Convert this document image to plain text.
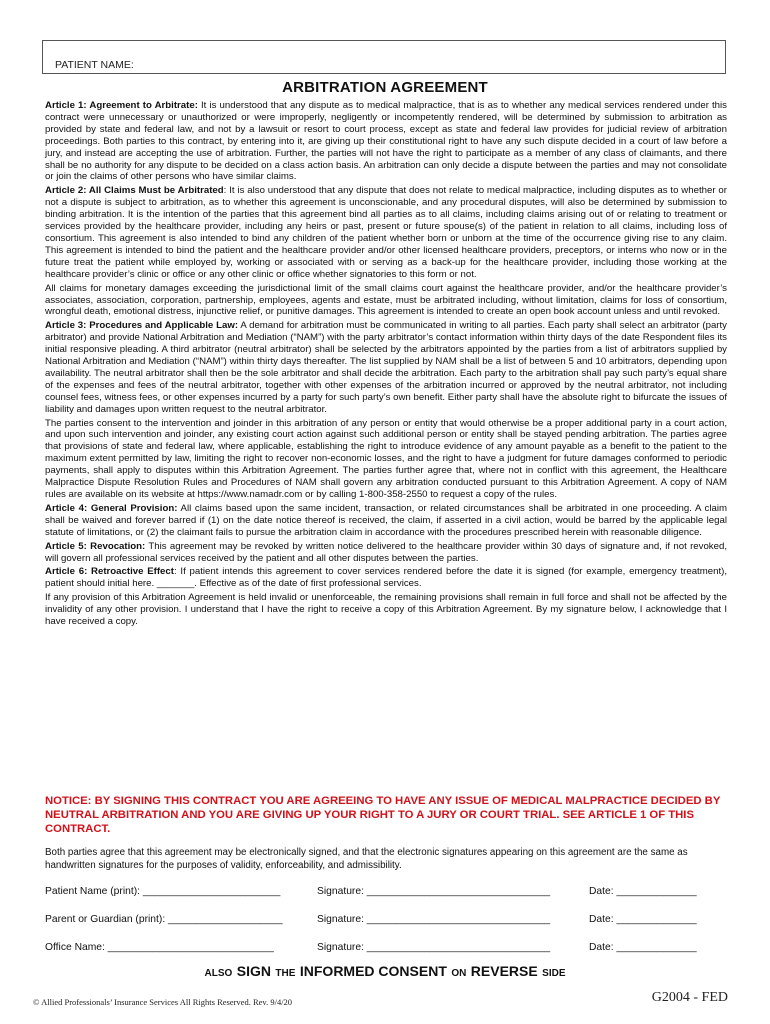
PATIENT NAME:
ARBITRATION AGREEMENT

Article 1: Agreement to Arbitrate: It is understood that any dispute as to medical malpractice, that is as to whether any medical services rendered under this contract were unnecessary or unauthorized or were improperly, negligently or incompetently rendered, will be determined by submission to arbitration as provided by state and federal law, and not by a lawsuit or resort to court process, except as state and federal law provides for judicial review of arbitration proceedings. Both parties to this contract, by entering into it, are giving up their constitutional right to have any such dispute decided in a court of law before a jury, and instead are accepting the use of arbitration. Further, the parties will not have the right to participate as a member of any class of claimants, and there shall be no authority for any dispute to be decided on a class action basis. An arbitration can only decide a dispute between the parties and may not consolidate or join the claims of other persons who have similar claims.

Article 2: All Claims Must be Arbitrated: It is also understood that any dispute that does not relate to medical malpractice, including disputes as to whether or not a dispute is subject to arbitration, as to whether this agreement is unconscionable, and any procedural disputes, will also be determined by submission to binding arbitration. It is the intention of the parties that this agreement bind all parties as to all claims, including claims arising out of or relating to treatment or services provided by the healthcare provider, including any heirs or past, present or future spouse(s) of the patient in relation to all claims, including loss of consortium. This agreement is also intended to bind any children of the patient whether born or unborn at the time of the occurrence giving rise to any claim. This agreement is intended to bind the patient and the healthcare provider and/or other licensed healthcare providers, preceptors, or interns who now or in the future treat the patient while employed by, working or associated with or serving as a back-up for the healthcare provider, including those working at the healthcare provider’s clinic or office or any other clinic or office whether signatories to this form or not.

All claims for monetary damages exceeding the jurisdictional limit of the small claims court against the healthcare provider, and/or the healthcare provider’s associates, association, corporation, partnership, employees, agents and estate, must be arbitrated including, without limitation, claims for loss of consortium, wrongful death, emotional distress, injunctive relief, or punitive damages. This agreement is intended to create an open book account unless and until revoked.

Article 3: Procedures and Applicable Law: A demand for arbitration must be communicated in writing to all parties. Each party shall select an arbitrator (party arbitrator) and provide National Arbitration and Mediation (“NAM”) with the party arbitrator’s contact information within thirty days of the date Respondent files its initial responsive pleading. A third arbitrator (neutral arbitrator) shall be selected by the arbitrators appointed by the parties from a list of arbitrators supplied by National Arbitration and Mediation (“NAM”) within thirty days thereafter. The list supplied by NAM shall be a list of between 5 and 10 arbitrators, depending upon availability. The neutral arbitrator shall then be the sole arbitrator and shall decide the arbitration. Each party to the arbitration shall pay such party’s equal share of the expenses and fees of the neutral arbitrator, together with other expenses of the arbitration incurred or approved by the neutral arbitrator, not including counsel fees, witness fees, or other expenses incurred by a party for such party’s own benefit. Either party shall have the absolute right to bifurcate the issues of liability and damages upon written request to the neutral arbitrator.

The parties consent to the intervention and joinder in this arbitration of any person or entity that would otherwise be a proper additional party in a court action, and upon such intervention and joinder, any existing court action against such additional person or entity shall be stayed pending arbitration. The parties agree that provisions of state and federal law, where applicable, establishing the right to introduce evidence of any amount payable as a benefit to the patient to the maximum extent permitted by law, limiting the right to recover non-economic losses, and the right to have a judgment for future damages conformed to periodic payments, shall apply to disputes within this Arbitration Agreement. The parties further agree that, where not in conflict with this agreement, the Healthcare Malpractice Dispute Resolution Rules and Procedures of NAM shall govern any arbitration conducted pursuant to this Arbitration Agreement. A copy of NAM rules are available on its website at https://www.namadr.com or by calling 1-800-358-2550 to request a copy of the rules.

Article 4: General Provision: All claims based upon the same incident, transaction, or related circumstances shall be arbitrated in one proceeding. A claim shall be waived and forever barred if (1) on the date notice thereof is received, the claim, if asserted in a civil action, would be barred by the applicable legal statute of limitations, or (2) the claimant fails to pursue the arbitration claim in accordance with the procedures prescribed herein with reasonable diligence.

Article 5: Revocation: This agreement may be revoked by written notice delivered to the healthcare provider within 30 days of signature and, if not revoked, will govern all professional services received by the patient and all other disputes between the parties.

Article 6: Retroactive Effect: If patient intends this agreement to cover services rendered before the date it is signed (for example, emergency treatment), patient should initial here. _______. Effective as of the date of first professional services.

If any provision of this Arbitration Agreement is held invalid or unenforceable, the remaining provisions shall remain in full force and shall not be affected by the invalidity of any other provision. I understand that I have the right to receive a copy of this Arbitration Agreement. By my signature below, I acknowledge that I have received a copy.

NOTICE: BY SIGNING THIS CONTRACT YOU ARE AGREEING TO HAVE ANY ISSUE OF MEDICAL MALPRACTICE DECIDED BY NEUTRAL ARBITRATION AND YOU ARE GIVING UP YOUR RIGHT TO A JURY OR COURT TRIAL. SEE ARTICLE 1 OF THIS CONTRACT.
Both parties agree that this agreement may be electronically signed, and that the electronic signatures appearing on this agreement are the same as handwritten signatures for the purposes of validity, enforceability, and admissibility.
Patient Name (print): ________________________	Signature: ________________________________	Date: ______________
Parent or Guardian (print): ____________________	Signature: ________________________________	Date: ______________
Office Name: _____________________________	Signature: ________________________________	Date: ______________
ALSO SIGN THE INFORMED CONSENT ON REVERSE SIDE
© Allied Professionals’ Insurance Services All Rights Reserved. Rev. 9/4/20	G2004 - FED
